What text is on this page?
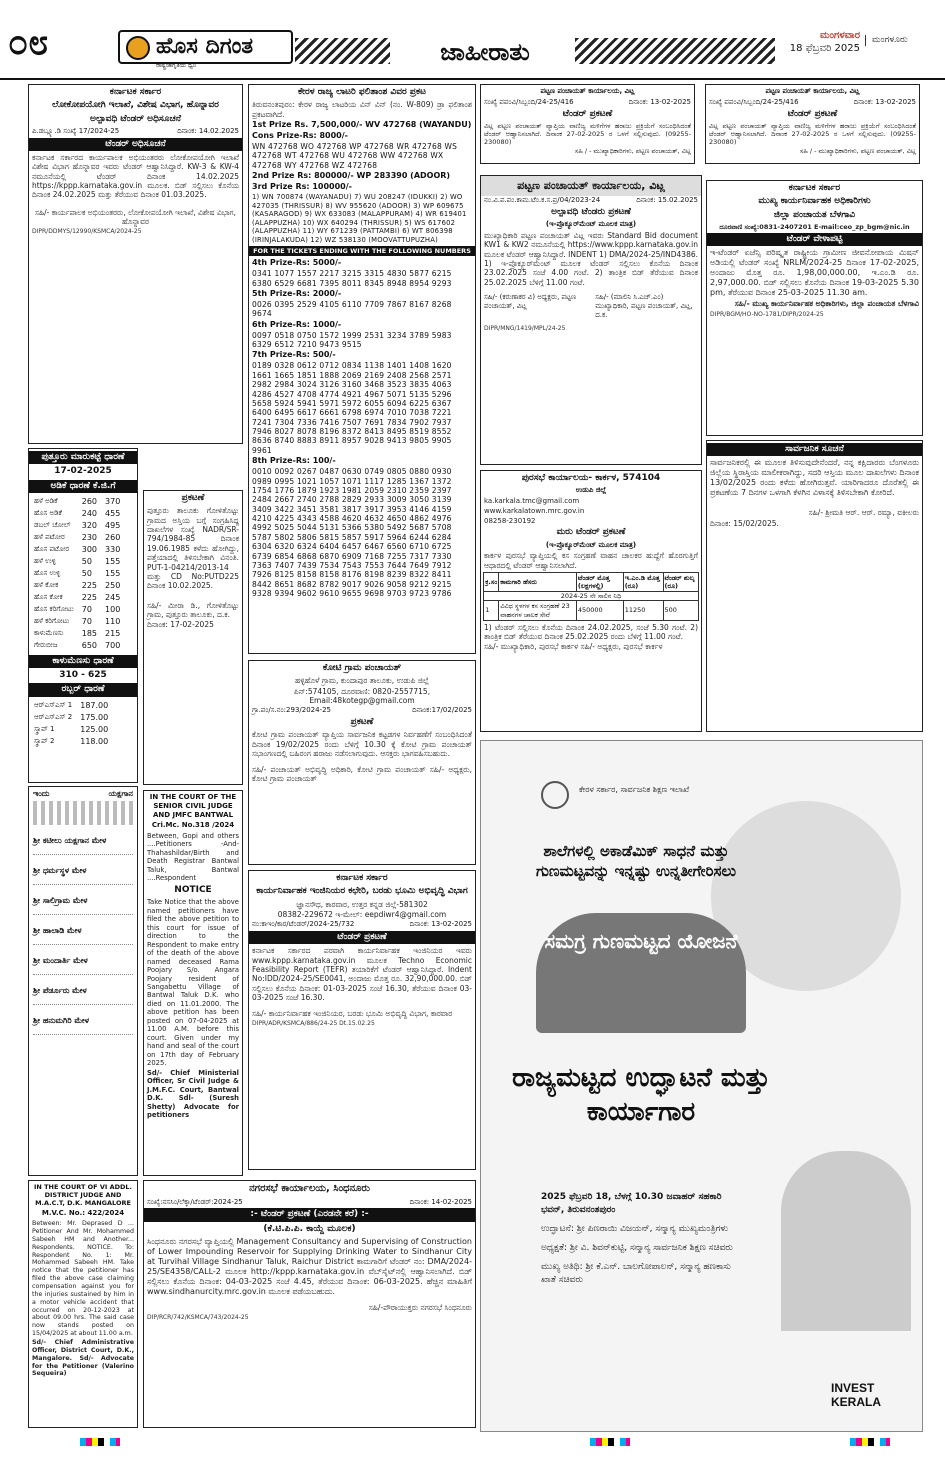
೦೮	ಹೊಸ ದಿಗಂತ
ರಾಷ್ಟ್ರಜಾಗೃತಿಯ ಧ್ವನಿ	ಜಾಹೀರಾತು
ಮಂಗಳವಾರ
18 ಫೆಬ್ರವರಿ 2025
ಮಂಗಳೂರು
ಕರ್ನಾಟಕ ಸರ್ಕಾರ
ಲೋಕೋಪಯೋಗಿ ಇಲಾಖೆ, ವಿಶೇಷ ವಿಭಾಗ, ಹೊನ್ನಾವರ
ಅಲ್ಪಾವಧಿ ಟೆಂಡರ್ ಅಧಿಸೂಚನೆ
ಪಿ.ಡಬ್ಲ್ಯೂ.ಡಿ ಸಂಖ್ಯೆ 17/2024-25	ದಿನಾಂಕ: 14.02.2025
ಟೆಂಡರ್ ಅಧಿಸೂಚನೆ

ಕರ್ನಾಟಕ ಸರ್ಕಾರದ ಕಾರ್ಯಪಾಲಕ ಅಭಿಯಂತರರು ಲೋಕೋಪಯೋಗಿ ಇಲಾಖೆ ವಿಶೇಷ ವಿಭಾಗ ಹೊನ್ನಾವರ ಇವರು ಟೆಂಡರ್ ಆಹ್ವಾನಿಸಿದ್ದಾರೆ. KW-3 & KW-4 ನಮೂನೆಯಲ್ಲಿ ಟೆಂಡರ್ ದಿನಾಂಕ 14.02.2025 https://kppp.karnataka.gov.in ಮೂಲಕ. ಬಿಡ್ ಸಲ್ಲಿಸಲು ಕೊನೆಯ ದಿನಾಂಕ 24.02.2025 ಮತ್ತು ತೆರೆಯುವ ದಿನಾಂಕ 01.03.2025.

ಸಹಿ/- ಕಾರ್ಯಪಾಲಕ ಅಭಿಯಂತರರು, ಲೋಕೋಪಯೋಗಿ ಇಲಾಖೆ, ವಿಶೇಷ ವಿಭಾಗ, ಹೊನ್ನಾವರ

DIPR/DDMYS/12990/KSMCA/2024-25
ಪುತ್ತೂರು ಮಾರುಕಟ್ಟೆ ಧಾರಣೆ
17-02-2025
ಅಡಿಕೆ ಧಾರಣೆ ಕೆ.ಜಿ.ಗೆ
ಹಳೆ ಅಡಿಕೆ	260	370
ಹೊಸ ಅಡಿಕೆ	240	455
ಡಬಲ್ ಚೋಲ್	320	495
ಹಳೆ ಪಟೋರ	230	260
ಹೊಸ ಪಟೋರ	300	330
ಹಳೆ ಉಳ್ಳಿ	50	155
ಹೊಸ ಉಳ್ಳಿ	50	155
ಹಳೆ ಕೋಕ	225	250
ಹೊಸ ಕೋಕ	225	245
ಹೊಸ ಕರಿಗೋಟು	70	100
ಹಳೆ ಕರಿಗೋಟು	70	110
ಕಾಳುಮೆಣಸು	185	215
ಗೇರುಬೀಜ	650	700
ಕಾಳುಮೆಣಸು ಧಾರಣೆ
310 - 625
ರಬ್ಬರ್ ಧಾರಣೆ
ಆರ್‌ಎಸ್ಎಸ್ 1	187.00
ಆರ್‌ಎಸ್ಎಸ್ 2	175.00
ಸ್ಕ್ರಾಪ್ 1	125.00
ಸ್ಕ್ರಾಪ್ 2	118.00
ಇಂದು	ಯಕ್ಷಗಾನ
ಶ್ರೀ ಕಟೀಲು ಯಕ್ಷಗಾನ ಮೇಳ
ಶ್ರೀ ಧರ್ಮಸ್ಥಳ ಮೇಳ
ಶ್ರೀ ಸಾಲಿಗ್ರಾಮ ಮೇಳ
ಶ್ರೀ ಹಾಲಾಡಿ ಮೇಳ
ಶ್ರೀ ಮಂದಾರ್ತಿ ಮೇಳ
ಶ್ರೀ ಪೆರ್ಡೂರು ಮೇಳ
ಶ್ರೀ ಹನುಮಗಿರಿ ಮೇಳ
IN THE COURT OF VI ADDL. DISTRICT JUDGE AND M.A.C.T, D.K. MANGALORE
M.V.C. No.: 422/2024

Between: Mr. Deprased D ... Petitioner And Mr. Mohammed Sabeeh HM and Another... Respondents. NOTICE. To: Respondent No. 1: Mr. Mohammed Sabeeh HM. Take notice that the petitioner has filed the above case claiming compensation against you for the injuries sustained by him in a motor vehicle accident that occurred on 20-12-2023 at about 09.00 hrs. The said case now stands posted on 15/04/2025 at about 11.00 a.m.

Sd/- Chief Administrative Officer, District Court, D.K., Mangalore. Sd/- Advocate for the Petitioner (Valerino Sequeira)

ಪ್ರಕಟಣೆ

ಪುತ್ತೂರು ತಾಲೂಕು ಗೋಳಿತೊಟ್ಟು ಗ್ರಾಮದ ಅಸ್ತಿಯ ಬಗ್ಗೆ ಸಂಗ್ರಹಿಸಿದ್ದ ದಾಖಲೆಗಳ ಸಂಖ್ಯೆ NADR/SR-794/1984-85 ದಿನಾಂಕ 19.06.1985 ಕಳೆದು ಹೋಗಿದ್ದು, ಪತ್ತೆಯಾದಲ್ಲಿ ತಿಳಿಸಬೇಕಾಗಿ ವಿನಂತಿ. PUT-1-04214/2013-14 ಮತ್ತು CD No:PUTD225 ದಿನಾಂಕ 10.02.2025.

ಸಹಿ/- ಮೀರಾ ಡಿ., ಗೋಳಿತೊಟ್ಟು ಗ್ರಾಮ, ಪುತ್ತೂರು ತಾಲೂಕು, ದ.ಕ.

ದಿನಾಂಕ: 17-02-2025

IN THE COURT OF THE SENIOR CIVIL JUDGE AND JMFC BANTWAL
Cri.Mc. No.318 /2024

Between, Gopi and others ....Petitioners -And- Thahashildar/Birth and Death Registrar Bantwal Taluk, Bantwal ....Respondent

NOTICE

Take Notice that the above named petitioners have filed the above petition to this court for issue of direction to the Respondent to make entry of the death of the above named deceased Rama Poojary S/o. Angara Poojary resident of Sangabettu Village of Bantwal Taluk D.K. who died on 11.01.2000. The above petition has been posted on 07-04-2025 at 11.00 A.M. before this court. Given under my hand and seal of the court on 17th day of February 2025.

Sd/- Chief Ministerial Officer, Sr Civil Judge & J.M.F.C. Court, Bantwal D.K. Sdl- (Suresh Shetty) Advocate for petitioners

ಕೇರಳ ರಾಜ್ಯ ಲಾಟರಿ ಫಲಿತಾಂಶ ವಿವರ ಪ್ರಕಟ

ತಿರುವನಂತಪುರಂ: ಕೇರಳ ರಾಜ್ಯ ಲಾಟರಿಯ ವಿನ್ ವಿನ್ (ನಂ. W-809) ಡ್ರಾ ಫಲಿತಾಂಶ ಪ್ರಕಟವಾಗಿದೆ.

1st Prize Rs. 7,500,000/- WV 472768 (WAYANDU)
Cons Prize-Rs: 8000/-
WN 472768 WO 472768 WP 472768 WR 472768 WS 472768 WT 472768 WU 472768 WW 472768 WX 472768 WY 472768 WZ 472768
2nd Prize Rs: 800000/- WP 283390 (ADOOR)
3rd Prize Rs: 100000/-
1) WN 700874 (WAYANADU) 7) WU 208247 (IDUKKI) 2) WO 427035 (THRISSUR) 8) WV 955620 (ADOOR) 3) WP 609675 (KASARAGOD) 9) WX 633083 (MALAPPURAM) 4) WR 619401 (ALAPPUZHA) 10) WX 640294 (THRISSUR) 5) WS 617602 (ALAPPUZHA) 11) WY 671239 (PATTAMBI) 6) WT 806398 (IRINJALAKUDA) 12) WZ 538130 (MOOVATTUPUZHA)
FOR THE TICKETS ENDING WITH THE FOLLOWING NUMBERS
4th Prize-Rs: 5000/-
0341 1077 1557 2217 3215 3315 4830 5877 6215 6380 6529 6681 7395 8011 8345 8948 8954 9293
5th Prize-Rs: 2000/-
0026 0395 2529 4105 6110 7709 7867 8167 8268 9674
6th Prize-Rs: 1000/-
0097 0518 0750 1572 1999 2531 3234 3789 5983 6329 6512 7210 9473 9515
7th Prize-Rs: 500/-
0189 0328 0612 0712 0834 1138 1401 1408 1620 1661 1665 1851 1888 2069 2169 2408 2568 2571 2982 2984 3024 3126 3160 3468 3523 3835 4063 4286 4527 4708 4774 4921 4967 5071 5135 5296 5658 5924 5941 5971 5972 6055 6094 6225 6367 6400 6495 6617 6661 6798 6974 7010 7038 7221 7241 7304 7336 7416 7507 7691 7834 7902 7937 7946 8027 8078 8196 8372 8413 8495 8519 8552 8636 8740 8883 8911 8957 9028 9413 9805 9905 9961
8th Prize-Rs: 100/-
0010 0092 0267 0487 0630 0749 0805 0880 0930 0989 0995 1021 1057 1071 1117 1285 1367 1372 1754 1776 1879 1923 1981 2059 2310 2359 2397 2484 2667 2740 2788 2829 2933 3009 3050 3139 3409 3422 3451 3581 3817 3917 3953 4146 4159 4210 4225 4343 4588 4620 4632 4650 4862 4976 4992 5025 5044 5131 5366 5380 5492 5687 5708 5787 5802 5806 5815 5857 5917 5964 6244 6284 6304 6320 6324 6404 6457 6467 6560 6710 6725 6739 6854 6868 6870 6909 7168 7255 7317 7330 7363 7407 7439 7534 7543 7553 7644 7649 7912 7926 8125 8158 8158 8176 8198 8239 8322 8411 8442 8651 8682 8782 9017 9026 9058 9212 9215 9328 9394 9602 9610 9655 9698 9703 9723 9786
ಕೋಟಿ ಗ್ರಾಮ ಪಂಚಾಯತ್

ಹಳ್ಳಿಹೊಳೆ ಗ್ರಾಮ, ಕುಂದಾಪುರ ತಾಲೂಕು, ಉಡುಪಿ ಜಿಲ್ಲೆ

ಪಿನ್:574105, ದೂರವಾಣಿ: 0820-2557715, Email:48kotegp@gmail.com

ಗ್ರಾ.ಪಂ/ಸ.ನಂ:293/2024-25	ದಿನಾಂಕ:17/02/2025
ಪ್ರಕಟಣೆ

ಕೋಟಿ ಗ್ರಾಮ ಪಂಚಾಯತ್ ವ್ಯಾಪ್ತಿಯ ಸಾರ್ವಜನಿಕ ಕಟ್ಟಡಗಳ ನಿರ್ವಹಣೆಗೆ ಸಂಬಂಧಿಸಿದಂತೆ ದಿನಾಂಕ 19/02/2025 ರಂದು ಬೆಳಿಗ್ಗೆ 10.30 ಕ್ಕೆ ಕೋಟಿ ಗ್ರಾಮ ಪಂಚಾಯತ್ ಸಭಾಂಗಣದಲ್ಲಿ ಬಹಿರಂಗ ಹರಾಜು ನಡೆಸಲಾಗುವುದು. ಆಸಕ್ತರು ಭಾಗವಹಿಸಬಹುದು.

ಸಹಿ/- ಪಂಚಾಯತ್ ಅಭಿವೃದ್ಧಿ ಅಧಿಕಾರಿ, ಕೋಟಿ ಗ್ರಾಮ ಪಂಚಾಯತ್ ಸಹಿ/- ಅಧ್ಯಕ್ಷರು, ಕೋಟಿ ಗ್ರಾಮ ಪಂಚಾಯತ್

ಕರ್ನಾಟಕ ಸರ್ಕಾರ
ಕಾರ್ಯನಿರ್ವಾಹಕ ಇಂಜಿನಿಯರ ಕಛೇರಿ, ಬರಡು ಭೂಮಿ ಅಭಿವೃದ್ಧಿ ವಿಭಾಗ

ಜ್ಞಾನಸೌಧ, ಕಾರವಾರ, ಉತ್ತರ ಕನ್ನಡ ಜಿಲ್ಲೆ-581302

08382-229672 ಇ-ಮೇಲ್: eepdiwr4@gmail.com

ನಂ:ಕಾಇಂ/ಕಾರ/ಟೆಂಡರ್/2024-25/732	ದಿನಾಂಕ: 13-02-2025
ಟೆಂಡರ್ ಪ್ರಕಟಣೆ

ಕರ್ನಾಟಕ ಸರ್ಕಾರದ ಪರವಾಗಿ ಕಾರ್ಯನಿರ್ವಾಹಕ ಇಂಜಿನಿಯರ ಇವರು www.kppp.karnataka.gov.in ಮೂಲಕ Techno Economic Feasibility Report (TEFR) ತಯಾರಿಕೆಗೆ ಟೆಂಡರ್ ಆಹ್ವಾನಿಸಿದ್ದಾರೆ. Indent No:IDD/2024-25/SE0041, ಅಂದಾಜು ಮೊತ್ತ ರೂ. 32,90,000.00. ಬಿಡ್ ಸಲ್ಲಿಸಲು ಕೊನೆಯ ದಿನಾಂಕ: 01-03-2025 ಸಂಜೆ 16.30, ತೆರೆಯುವ ದಿನಾಂಕ 03-03-2025 ಸಂಜೆ 16.30.

ಸಹಿ/- ಕಾರ್ಯನಿರ್ವಾಹಕ ಇಂಜಿನಿಯರ, ಬರಡು ಭೂಮಿ ಅಭಿವೃದ್ಧಿ ವಿಭಾಗ, ಕಾರವಾರ

DIPR/ADR/KSMCA/886/24-25 Dt.15.02.25
ನಗರಸಭೆ ಕಾರ್ಯಾಲಯ, ಸಿಂಧನೂರು
ಸಂಖ್ಯೆ:ನಸಸಿಂ/ಲೆಕ್ಕಾ/ಟೆಂಡರ್:2024-25	ದಿನಾಂಕ: 14-02-2025
:- ಟೆಂಡರ್ ಪ್ರಕಟಣೆ (ಎರಡನೇ ಕರೆ) :-
(ಕೆ.ಟಿ.ಪಿ.ಪಿ. ಕಾಯ್ದೆ ಮೂಲಕ)

ಸಿಂಧನೂರು ನಗರಸಭೆ ವ್ಯಾಪ್ತಿಯಲ್ಲಿ Management Consultancy and Supervising of Construction of Lower Impounding Reservoir for Supplying Drinking Water to Sindhanur City at Turvihal Village Sindhanur Taluk, Raichur District ಕಾಮಗಾರಿಗೆ ಟೆಂಡರ್ ನಂ: DMA/2024-25/SE4358/CALL-2 ಮೂಲಕ http://kppp.karnataka.gov.in ವೆಬ್‌ಸೈಟ್‌ನಲ್ಲಿ ಆಹ್ವಾನಿಸಲಾಗಿದೆ. ಬಿಡ್ ಸಲ್ಲಿಸಲು ಕೊನೆಯ ದಿನಾಂಕ: 04-03-2025 ಸಂಜೆ 4.45, ತೆರೆಯುವ ದಿನಾಂಕ: 06-03-2025. ಹೆಚ್ಚಿನ ಮಾಹಿತಿಗೆ www.sindhanurcity.mrc.gov.in ಮೂಲಕ ಪಡೆಯಬಹುದು.

ಸಹಿ/-ಪೌರಾಯುಕ್ತರು ನಗರಸಭೆ ಸಿಂಧನೂರು

DIP/RCR/742/KSMCA/743/2024-25
ಪಟ್ಟಣ ಪಂಚಾಯತ್ ಕಾರ್ಯಾಲಯ, ವಿಟ್ಲ
ಸಂಖ್ಯೆ ಪಪಂವಿ/ಸಿಬ್ಬಂದಿ/24-25/416	ದಿನಾಂಕ: 13-02-2025
ಟೆಂಡರ್ ಪ್ರಕಟಣೆ

ವಿಟ್ಲ ಪಟ್ಟಣ ಪಂಚಾಯತ್ ವ್ಯಾಪ್ತಿಯ ವಾಣಿಜ್ಯ ಮಳಿಗೆಗಳ ಹರಾಜು ಪ್ರಕ್ರಿಯೆಗೆ ಸಂಬಂಧಿಸಿದಂತೆ ಟೆಂಡರ್ ಆಹ್ವಾನಿಸಲಾಗಿದೆ. ದಿನಾಂಕ 27-02-2025 ರ ಒಳಗೆ ಸಲ್ಲಿಸುವುದು. (09255-230080)

ಸಹಿ / - ಮುಖ್ಯಾಧಿಕಾರಿಗಳು, ಪಟ್ಟಣ ಪಂಚಾಯತ್, ವಿಟ್ಲ

ಪಟ್ಟಣ ಪಂಚಾಯತ್ ಕಾರ್ಯಾಲಯ, ವಿಟ್ಲ
ಸಂಖ್ಯೆ ಪಪಂವಿ/ಸಿಬ್ಬಂದಿ/24-25/416	ದಿನಾಂಕ: 13-02-2025
ಟೆಂಡರ್ ಪ್ರಕಟಣೆ

ವಿಟ್ಲ ಪಟ್ಟಣ ಪಂಚಾಯತ್ ವ್ಯಾಪ್ತಿಯ ವಾಣಿಜ್ಯ ಮಳಿಗೆಗಳ ಹರಾಜು ಪ್ರಕ್ರಿಯೆಗೆ ಸಂಬಂಧಿಸಿದಂತೆ ಟೆಂಡರ್ ಆಹ್ವಾನಿಸಲಾಗಿದೆ. ದಿನಾಂಕ 27-02-2025 ರ ಒಳಗೆ ಸಲ್ಲಿಸುವುದು. (09255-230080)

ಸಹಿ / - ಮುಖ್ಯಾಧಿಕಾರಿಗಳು, ಪಟ್ಟಣ ಪಂಚಾಯತ್, ವಿಟ್ಲ

ಪಟ್ಟಣ ಪಂಚಾಯತ್ ಕಾರ್ಯಾಲಯ, ವಿಟ್ಲ
ನಂ.ವಿ.ಪ.ಪಂ.ಕಾಮ.ಟೆಂ.ಕ.ಸ.ಪ್ರ/04/2023-24	ದಿನಾಂಕ: 15.02.2025
ಅಲ್ಪಾವಧಿ ಟೆಂಡರು ಪ್ರಕಟಣೆ
(ಇ-ಪ್ರೊಕ್ಯೂರ್‌ಮೆಂಟ್ ಮೂಲಕ ಮಾತ್ರ)

ಮುಖ್ಯಾಧಿಕಾರಿ ಪಟ್ಟಣ ಪಂಚಾಯತ್ ವಿಟ್ಲ ಇವರು Standard Bid document KW1 & KW2 ನಮೂನೆಯಲ್ಲಿ https://www.kppp.karnataka.gov.in ಮೂಲಕ ಟೆಂಡರ್ ಆಹ್ವಾನಿಸಿದ್ದಾರೆ. INDENT 1) DMA/2024-25/IND4386. 1) ಇ-ಪ್ರೊಕ್ಯೂರ್‌ಮೆಂಟ್ ಮೂಲಕ ಟೆಂಡರ್ ಸಲ್ಲಿಸಲು ಕೊನೆಯ ದಿನಾಂಕ 23.02.2025 ಸಂಜೆ 4.00 ಗಂಟೆ. 2) ತಾಂತ್ರಿಕ ಬಿಡ್ ತೆರೆಯುವ ದಿನಾಂಕ 25.02.2025 ಬೆಳಿಗ್ಗೆ 11.00 ಗಂಟೆ.

ಸಹಿ/- (ಕರುಣಾಕರ ವಿ) ಅಧ್ಯಕ್ಷರು, ಪಟ್ಟಣ ಪಂಚಾಯತ್, ವಿಟ್ಲ
ಸಹಿ/- (ಮಾಲಿನಿ ಸಿ.ಎಚ್.ಎಂ) ಮುಖ್ಯಾಧಿಕಾರಿ, ಪಟ್ಟಣ ಪಂಚಾಯತ್, ವಿಟ್ಲ, ದ.ಕ.
DIPR/MNG/1419/MPL/24-25
ಪುರಸಭೆ ಕಾರ್ಯಾಲಯ- ಕಾರ್ಕಳ, 574104
ಉಡುಪಿ ಜಿಲ್ಲೆ

ka.karkala.tmc@gmail.com

www.karkalatown.mrc.gov.in

08258-230192

ಮರು ಟೆಂಡರ್ ಪ್ರಕಟಣೆ
(ಇ-ಪ್ರೊಕ್ಯೂರ್‌ಮೆಂಟ್ ಮೂಲಕ ಮಾತ್ರ)

ಕಾರ್ಕಳ ಪುರಸಭೆ ವ್ಯಾಪ್ತಿಯಲ್ಲಿ ಕಸ ಸಂಗ್ರಹಣೆ ವಾಹನ ಚಾಲಕರ ಹುದ್ದೆಗೆ ಹೊರಗುತ್ತಿಗೆ ಆಧಾರದಲ್ಲಿ ಟೆಂಡರ್ ಆಹ್ವಾನಿಸಲಾಗಿದೆ.

ಕ್ರ.ಸಂ	ಕಾಮಗಾರಿ ಹೆಸರು	ಟೆಂಡರ್ ಮೊತ್ತ (ಲಕ್ಷಗಳಲ್ಲಿ)	ಇ.ಎಂ.ಡಿ ಮೊತ್ತ (ರೂ)	ಟೆಂಡರ್ ಶುಲ್ಕ (ರೂ)
2024-25 ನೇ ಸಾಲಿನ ನಿಧಿ				
1	ವಿವಿಧ ಸ್ಥಳಗಳ ಕಸ ಸಂಗ್ರಹಣೆ 23 ವಾಹನಗಳ ಚಾಲಕ ಸೇವೆ	450000	11250	500

1) ಟೆಂಡರ್ ಸಲ್ಲಿಸಲು ಕೊನೆಯ ದಿನಾಂಕ 24.02.2025, ಸಂಜೆ 5.30 ಗಂಟೆ. 2) ತಾಂತ್ರಿಕ ಬಿಡ್ ತೆರೆಯುವ ದಿನಾಂಕ 25.02.2025 ರಂದು ಬೆಳಿಗ್ಗೆ 11.00 ಗಂಟೆ.

ಸಹಿ/- ಮುಖ್ಯಾಧಿಕಾರಿ, ಪುರಸಭೆ ಕಾರ್ಕಳ ಸಹಿ/- ಅಧ್ಯಕ್ಷರು, ಪುರಸಭೆ ಕಾರ್ಕಳ

ಕರ್ನಾಟಕ ಸರ್ಕಾರ
ಮುಖ್ಯ ಕಾರ್ಯನಿರ್ವಾಹಕ ಅಧಿಕಾರಿಗಳು
ಜಿಲ್ಲಾ ಪಂಚಾಯತ ಬೆಳಗಾವಿ

ದೂರವಾಣಿ ಸಂಖ್ಯೆ:0831-2407201 E-mail:ceo_zp_bgm@nic.in

ಟೆಂಡರ್ ವೇಳಾಪಟ್ಟಿ

ಇ-ಟೆಂಡರ್ ಏಜೆನ್ಸಿ ಪರಿಷ್ಕೃತ ರಾಷ್ಟ್ರೀಯ ಗ್ರಾಮೀಣ ಜೀವನೋಪಾಯ ಮಿಷನ್ ಅಡಿಯಲ್ಲಿ ಟೆಂಡರ್ ಸಂಖ್ಯೆ NRLM/2024-25 ದಿನಾಂಕ 17-02-2025, ಅಂದಾಜು ಮೊತ್ತ ರೂ. 1,98,00,000.00, ಇ.ಎಂ.ಡಿ ರೂ. 2,97,000.00. ಬಿಡ್ ಸಲ್ಲಿಸಲು ಕೊನೆಯ ದಿನಾಂಕ 19-03-2025 5.30 pm, ತೆರೆಯುವ ದಿನಾಂಕ 25-03-2025 11.30 am.

ಸಹಿ/- ಮುಖ್ಯ ಕಾರ್ಯನಿರ್ವಾಹಕ ಅಧಿಕಾರಿಗಳು, ಜಿಲ್ಲಾ ಪಂಚಾಯತ ಬೆಳಗಾವಿ

DIPR/BGM/HO-NO-1781/DIPR/2024-25
ಸಾರ್ವಜನಿಕ ಸೂಚನೆ

ಸಾರ್ವಜನಿಕರಲ್ಲಿ ಈ ಮೂಲಕ ತಿಳಿಸುವುದೇನೆಂದರೆ, ನನ್ನ ಕಕ್ಷಿದಾರರು ಬೆಂಗಳೂರು ಜಿಲ್ಲೆಯ ಸ್ಥಿರಾಸ್ತಿಯ ಮಾಲೀಕರಾಗಿದ್ದು, ಸದರಿ ಆಸ್ತಿಯ ಮೂಲ ದಾಖಲೆಗಳು ದಿನಾಂಕ 13/02/2025 ರಂದು ಕಳೆದು ಹೋಗಿರುತ್ತವೆ. ಯಾರಿಗಾದರೂ ದೊರೆತಲ್ಲಿ ಈ ಪ್ರಕಟಣೆಯ 7 ದಿನಗಳ ಒಳಗಾಗಿ ಕೆಳಗಿನ ವಿಳಾಸಕ್ಕೆ ತಿಳಿಸಬೇಕಾಗಿ ಕೋರಿದೆ.

ಸಹಿ/- ಶ್ರೀಮತಿ ಆರ್. ಆರ್. ರಮ್ಯಾ, ವಕೀಲರು

ದಿನಾಂಕ: 15/02/2025.

ಕೇರಳ ಸರ್ಕಾರ, ಸಾರ್ವಜನಿಕ ಶಿಕ್ಷಣ ಇಲಾಖೆ
ಶಾಲೆಗಳಲ್ಲಿ ಅಕಾಡೆಮಿಕ್ ಸಾಧನೆ ಮತ್ತು ಗುಣಮಟ್ಟವನ್ನು ಇನ್ನಷ್ಟು ಉನ್ನತೀಗೇರಿಸಲು
ಸಮಗ್ರ ಗುಣಮಟ್ಟದ ಯೋಜನೆ
ರಾಜ್ಯಮಟ್ಟದ ಉದ್ಘಾಟನೆ ಮತ್ತು ಕಾರ್ಯಾಗಾರ
2025 ಫೆಬ್ರವರಿ 18, ಬೆಳಗ್ಗೆ 10.30 ಜವಾಹರ್ ಸಹಕಾರಿ ಭವನ್, ತಿರುವನಂತಪುರಂ
ಉದ್ಘಾಟನೆ: ಶ್ರೀ ಪಿಣರಾಯಿ ವಿಜಯನ್, ಸನ್ಮಾನ್ಯ ಮುಖ್ಯಮಂತ್ರಿಗಳು
ಅಧ್ಯಕ್ಷತೆ: ಶ್ರೀ ವಿ. ಶಿವನ್‌ಕುಟ್ಟಿ, ಸನ್ಮಾನ್ಯ ಸಾರ್ವಜನಿಕ ಶಿಕ್ಷಣ ಸಚಿವರು
ಮುಖ್ಯ ಅತಿಥಿ: ಶ್ರೀ ಕೆ.ಎನ್. ಬಾಲಗೋಪಾಲನ್, ಸನ್ಮಾನ್ಯ ಹಣಕಾಸು ಖಾತೆ ಸಚಿವರು
INVEST KERALA
